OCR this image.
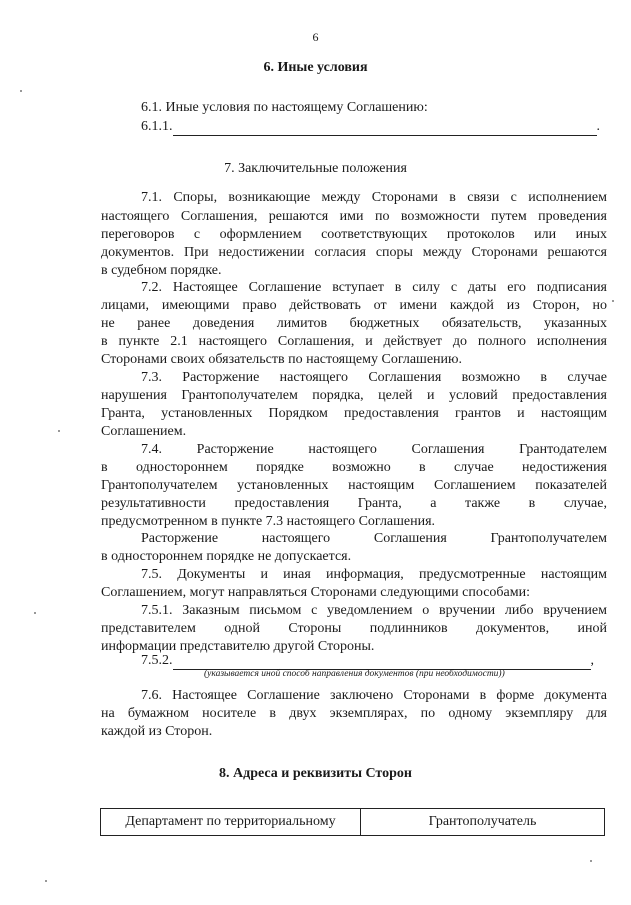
6
6. Иные условия
6.1. Иные условия по настоящему Соглашению:
6.1.1.	.
7. Заключительные положения
7.1. Споры, возникающие между Сторонами в связи с исполнением
настоящего Соглашения, решаются ими по возможности путем проведения
переговоров с оформлением соответствующих протоколов или иных
документов. При недостижении согласия споры между Сторонами решаются
в судебном порядке.
7.2. Настоящее Соглашение вступает в силу с даты его подписания
лицами, имеющими право действовать от имени каждой из Сторон, но
не ранее доведения лимитов бюджетных обязательств, указанных
в пункте 2.1 настоящего Соглашения, и действует до полного исполнения
Сторонами своих обязательств по настоящему Соглашению.
7.3. Расторжение настоящего Соглашения возможно в случае
нарушения Грантополучателем порядка, целей и условий предоставления
Гранта, установленных Порядком предоставления грантов и настоящим
Соглашением.
7.4. Расторжение настоящего Соглашения Грантодателем
в одностороннем порядке возможно в случае недостижения
Грантополучателем установленных настоящим Соглашением показателей
результативности предоставления Гранта, а также в случае,
предусмотренном в пункте 7.3 настоящего Соглашения.
Расторжение настоящего Соглашения Грантополучателем
в одностороннем порядке не допускается.
7.5. Документы и иная информация, предусмотренные настоящим
Соглашением, могут направляться Сторонами следующими способами:
7.5.1. Заказным письмом с уведомлением о вручении либо вручением
представителем одной Стороны подлинников документов, иной
информации представителю другой Стороны.
7.5.2.	,
(указывается иной способ направления документов (при необходимости))
7.6. Настоящее Соглашение заключено Сторонами в форме документа
на бумажном носителе в двух экземплярах, по одному экземпляру для
каждой из Сторон.
8. Адреса и реквизиты Сторон
Департамент по территориальному	Грантополучатель
